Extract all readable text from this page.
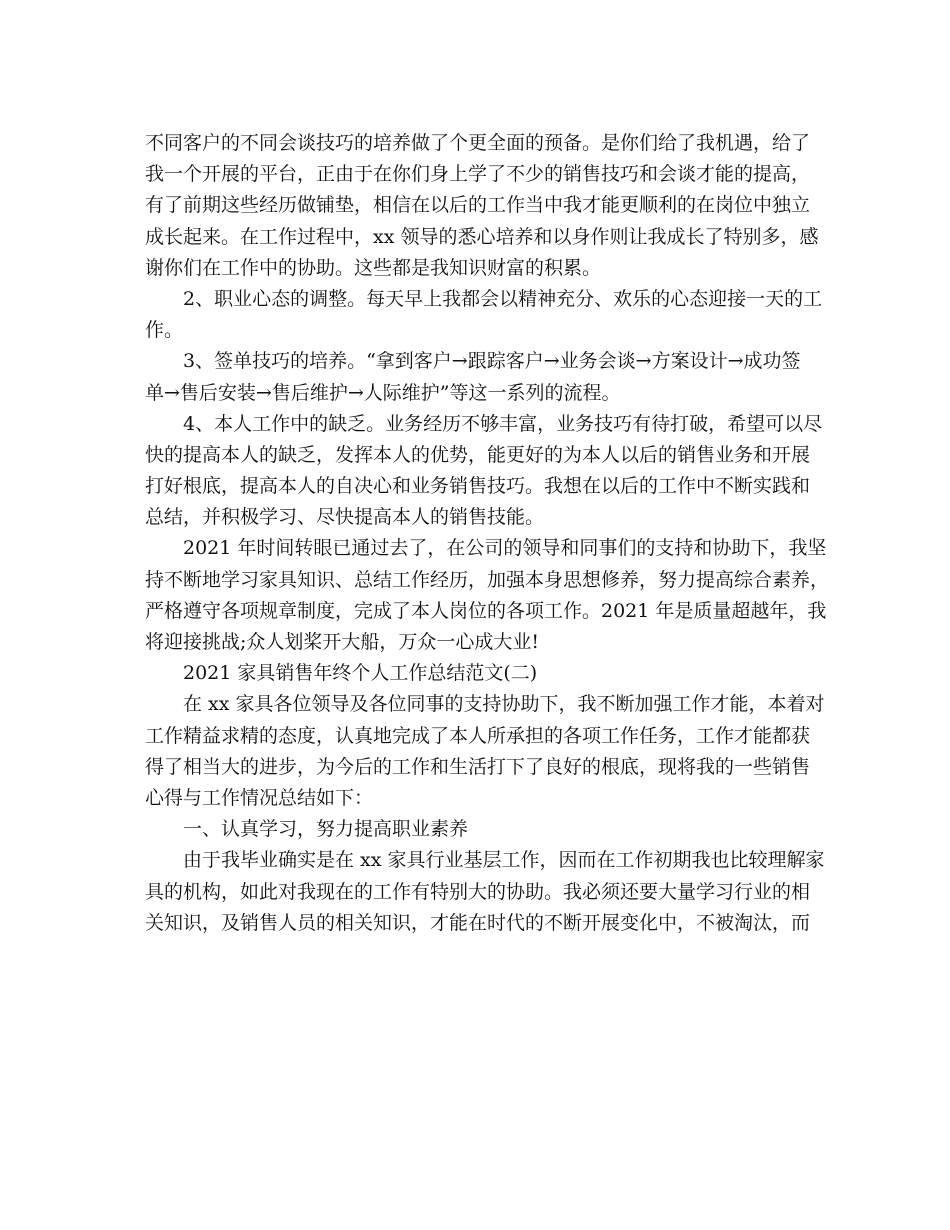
不同客户的不同会谈技巧的培养做了个更全面的预备。是你们给了我机遇，给了
我一个开展的平台，正由于在你们身上学了不少的销售技巧和会谈才能的提高，
有了前期这些经历做铺垫，相信在以后的工作当中我才能更顺利的在岗位中独立
成长起来。在工作过程中，xx 领导的悉心培养和以身作则让我成长了特别多，感
谢你们在工作中的协助。这些都是我知识财富的积累。
2、职业心态的调整。每天早上我都会以精神充分、欢乐的心态迎接一天的工
作。
3、签单技巧的培养。“拿到客户→跟踪客户→业务会谈→方案设计→成功签
单→售后安装→售后维护→人际维护”等这一系列的流程。
4、本人工作中的缺乏。业务经历不够丰富，业务技巧有待打破，希望可以尽
快的提高本人的缺乏，发挥本人的优势，能更好的为本人以后的销售业务和开展
打好根底，提高本人的自决心和业务销售技巧。我想在以后的工作中不断实践和
总结，并积极学习、尽快提高本人的销售技能。
2021 年时间转眼已通过去了，在公司的领导和同事们的支持和协助下，我坚
持不断地学习家具知识、总结工作经历，加强本身思想修养，努力提高综合素养，
严格遵守各项规章制度，完成了本人岗位的各项工作。2021 年是质量超越年，我
将迎接挑战;众人划桨开大船，万众一心成大业!
2021 家具销售年终个人工作总结范文(二)
在 xx 家具各位领导及各位同事的支持协助下，我不断加强工作才能，本着对
工作精益求精的态度，认真地完成了本人所承担的各项工作任务，工作才能都获
得了相当大的进步，为今后的工作和生活打下了良好的根底，现将我的一些销售
心得与工作情况总结如下：
一、认真学习，努力提高职业素养
由于我毕业确实是在 xx 家具行业基层工作，因而在工作初期我也比较理解家
具的机构，如此对我现在的工作有特别大的协助。我必须还要大量学习行业的相
关知识，及销售人员的相关知识，才能在时代的不断开展变化中，不被淘汰，而
